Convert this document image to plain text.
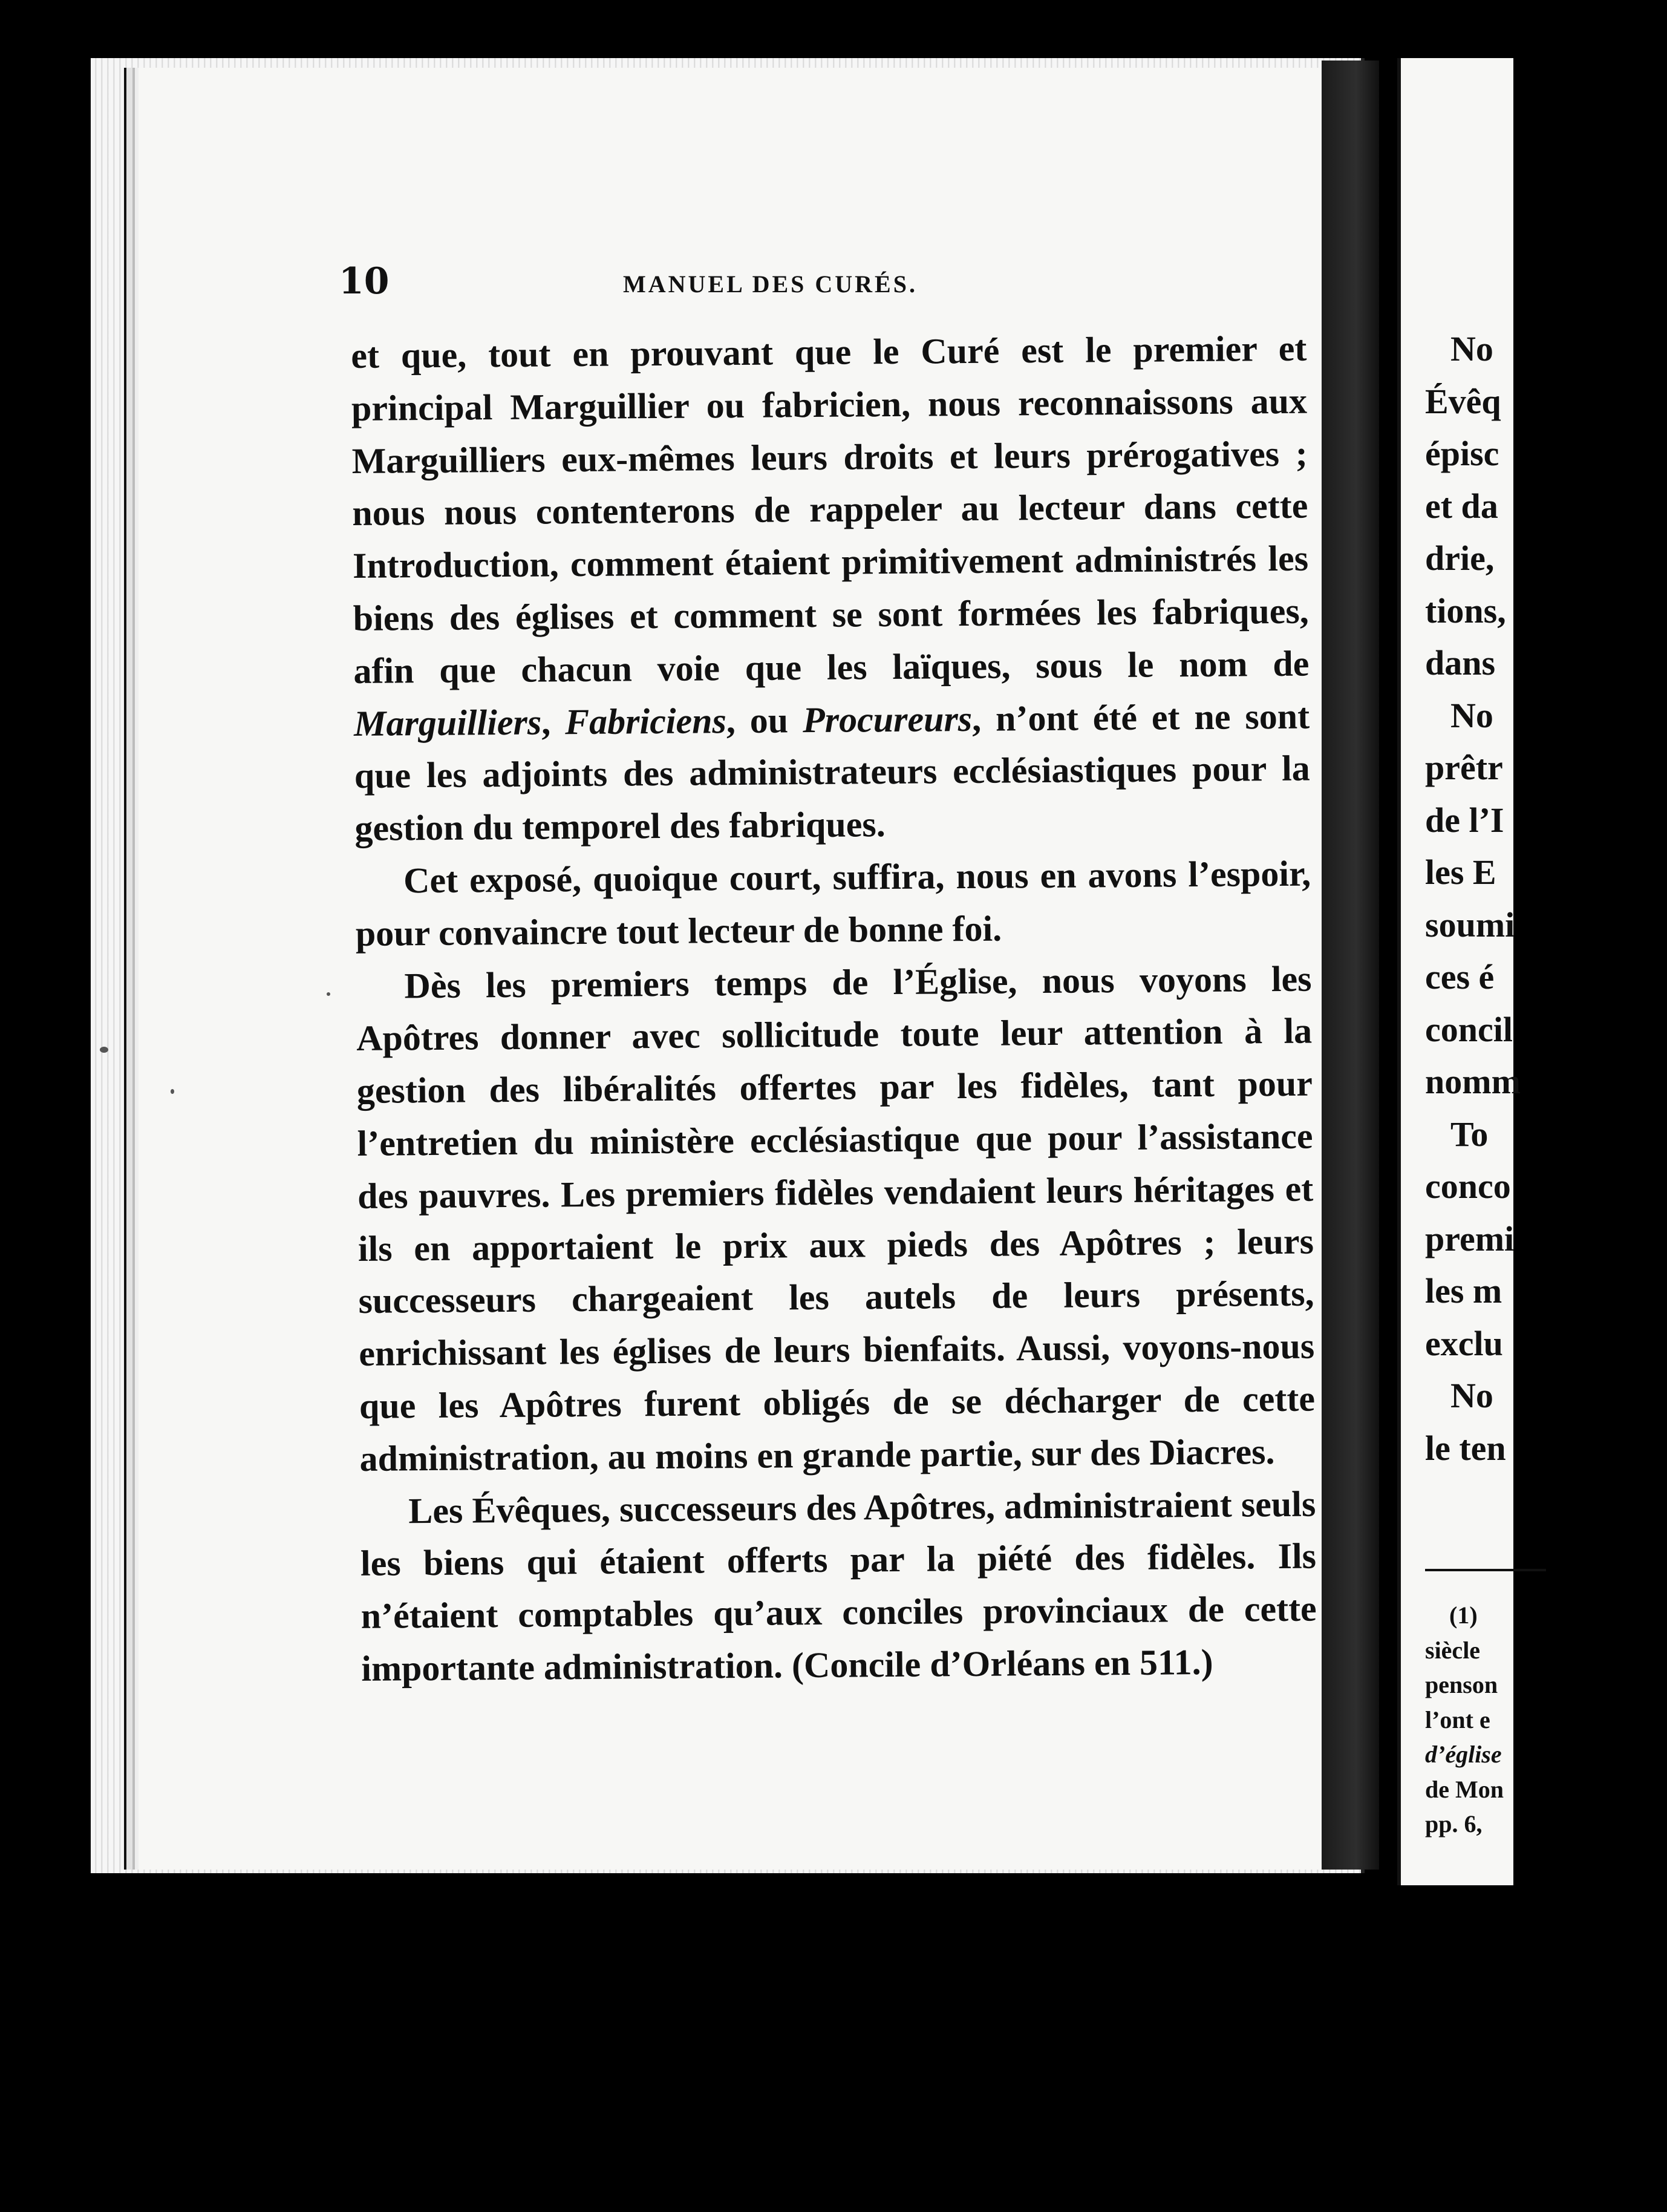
10	MANUEL DES CURÉS.

et que, tout en prouvant que le Curé est le premier et principal Marguillier ou fabricien, nous reconnaissons aux Marguilliers eux-mêmes leurs droits et leurs prérogatives ; nous nous contenterons de rappeler au lecteur dans cette Introduction, comment étaient primitivement administrés les biens des églises et comment se sont formées les fabriques, afin que chacun voie que les laïques, sous le nom de Marguilliers, Fabriciens, ou Procureurs, n’ont été et ne sont que les adjoints des administrateurs ecclésiastiques pour la gestion du temporel des fabriques.

Cet exposé, quoique court, suffira, nous en avons l’espoir, pour convaincre tout lecteur de bonne foi.

Dès les premiers temps de l’Église, nous voyons les Apôtres donner avec sollicitude toute leur attention à la gestion des libéralités offertes par les fidèles, tant pour l’entretien du ministère ecclésiastique que pour l’assistance des pauvres. Les premiers fidèles vendaient leurs héritages et ils en apportaient le prix aux pieds des Apôtres ; leurs successeurs chargeaient les autels de leurs présents, enrichissant les églises de leurs bienfaits. Aussi, voyons-nous que les Apôtres furent obligés de se décharger de cette administration, au moins en grande partie, sur des Diacres.

Les Évêques, successeurs des Apôtres, administraient seuls les biens qui étaient offerts par la piété des fidèles. Ils n’étaient comptables qu’aux conciles provinciaux de cette importante administration. (Concile d’Orléans en 511.)

No
Évêq
épisc
et da
drie,
tions,
dans
No
prêtr
de l’I
les E
soumi
ces é
concil
nomm
To
conco
premi
les m
exclu
No
le ten
(1)
siècle
penson
l’ont e
d’église
de Mon
pp. 6,
